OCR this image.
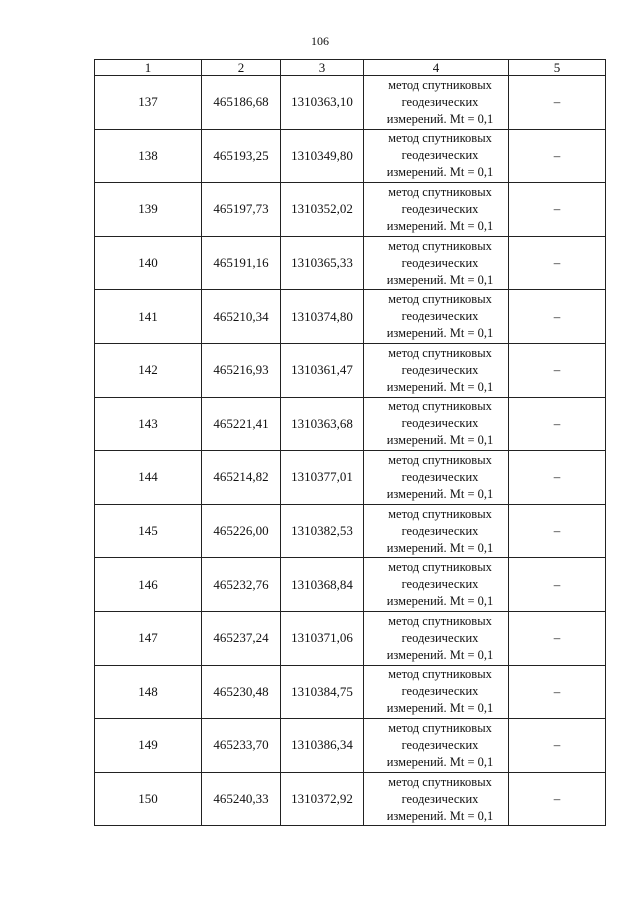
106
1	2	3	4	5
137	465186,68	1310363,10	метод спутниковых
геодезических
измерений. Mt = 0,1	–
138	465193,25	1310349,80	метод спутниковых
геодезических
измерений. Mt = 0,1	–
139	465197,73	1310352,02	метод спутниковых
геодезических
измерений. Mt = 0,1	–
140	465191,16	1310365,33	метод спутниковых
геодезических
измерений. Mt = 0,1	–
141	465210,34	1310374,80	метод спутниковых
геодезических
измерений. Mt = 0,1	–
142	465216,93	1310361,47	метод спутниковых
геодезических
измерений. Mt = 0,1	–
143	465221,41	1310363,68	метод спутниковых
геодезических
измерений. Mt = 0,1	–
144	465214,82	1310377,01	метод спутниковых
геодезических
измерений. Mt = 0,1	–
145	465226,00	1310382,53	метод спутниковых
геодезических
измерений. Mt = 0,1	–
146	465232,76	1310368,84	метод спутниковых
геодезических
измерений. Mt = 0,1	–
147	465237,24	1310371,06	метод спутниковых
геодезических
измерений. Mt = 0,1	–
148	465230,48	1310384,75	метод спутниковых
геодезических
измерений. Mt = 0,1	–
149	465233,70	1310386,34	метод спутниковых
геодезических
измерений. Mt = 0,1	–
150	465240,33	1310372,92	метод спутниковых
геодезических
измерений. Mt = 0,1	–
